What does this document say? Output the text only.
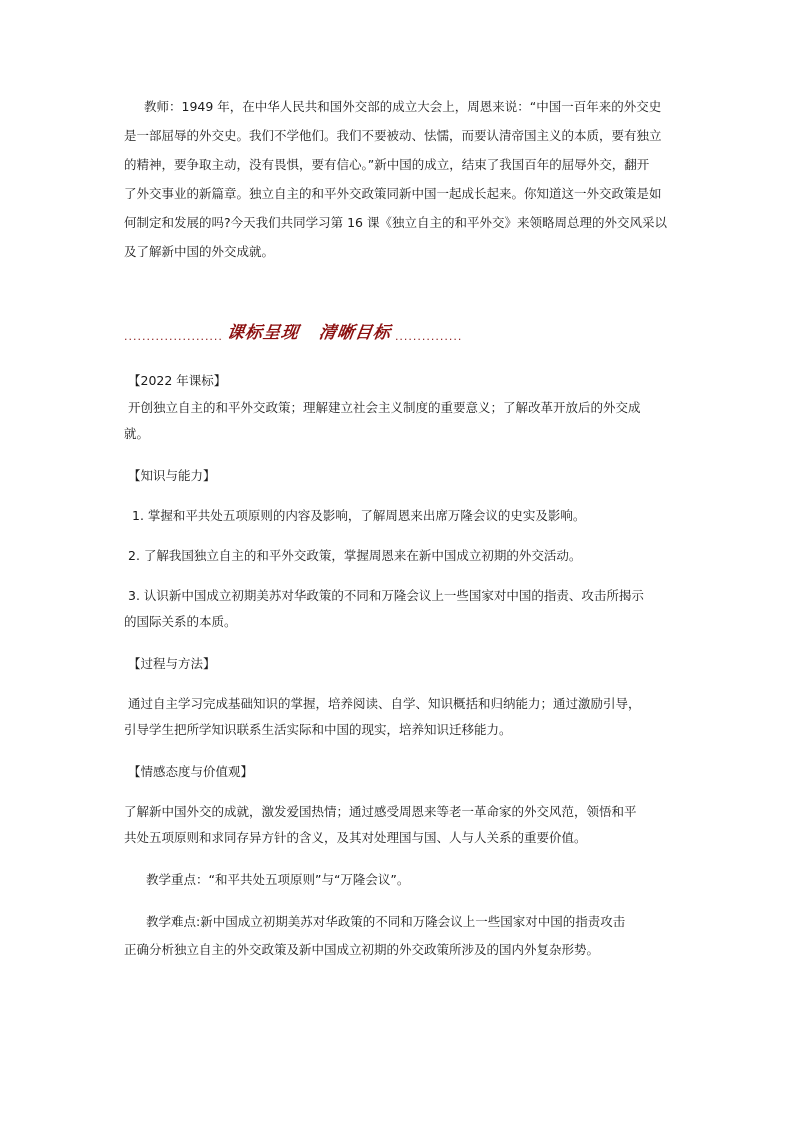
教师：1949 年，在中华人民共和国外交部的成立大会上，周恩来说：“中国一百年来的外交史

是一部屈辱的外交史。我们不学他们。我们不要被动、怯懦，而要认清帝国主义的本质，要有独立

的精神，要争取主动，没有畏惧，要有信心。”新中国的成立，结束了我国百年的屈辱外交，翻开

了外交事业的新篇章。独立自主的和平外交政策同新中国一起成长起来。你知道这一外交政策是如

何制定和发展的吗?今天我们共同学习第 16 课《独立自主的和平外交》来领略周总理的外交风采以

及了解新中国的外交成就。

...................... 课标呈现 清晰目标 ...............

【2022 年课标】

开创独立自主的和平外交政策；理解建立社会主义制度的重要意义；了解改革开放后的外交成

就。

【知识与能力】

1. 掌握和平共处五项原则的内容及影响，了解周恩来出席万隆会议的史实及影响。

2. 了解我国独立自主的和平外交政策，掌握周恩来在新中国成立初期的外交活动。

3. 认识新中国成立初期美苏对华政策的不同和万隆会议上一些国家对中国的指责、攻击所揭示

的国际关系的本质。

【过程与方法】

通过自主学习完成基础知识的掌握，培养阅读、自学、知识概括和归纳能力；通过激励引导，

引导学生把所学知识联系生活实际和中国的现实，培养知识迁移能力。

【情感态度与价值观】

了解新中国外交的成就，激发爱国热情；通过感受周恩来等老一革命家的外交风范，领悟和平

共处五项原则和求同存异方针的含义，及其对处理国与国、人与人关系的重要价值。

教学重点：“和平共处五项原则”与“万隆会议”。

教学难点:新中国成立初期美苏对华政策的不同和万隆会议上一些国家对中国的指责攻击

正确分析独立自主的外交政策及新中国成立初期的外交政策所涉及的国内外复杂形势。
